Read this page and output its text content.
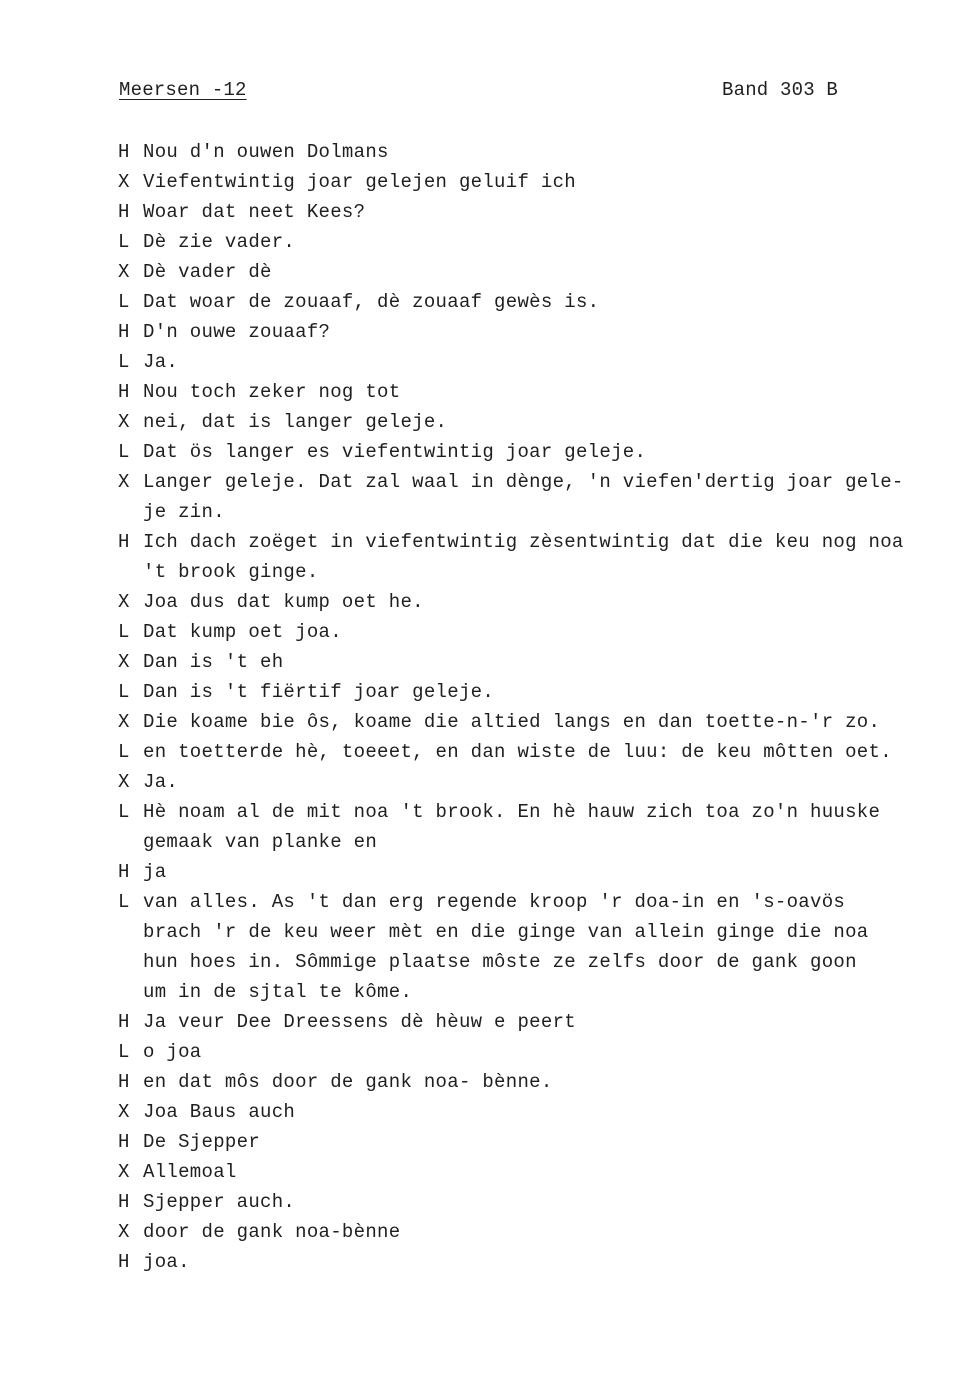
Meersen -12	Band 303 B
H Nou d'n ouwen Dolmans
X Viefentwintig joar gelejen geluif ich
H Woar dat neet Kees?
L Dè zie vader.
X Dè vader dè
L Dat woar de zouaaf, dè zouaaf gewès is.
H D'n ouwe zouaaf?
L Ja.
H Nou toch zeker nog tot
X nei, dat is langer geleje.
L Dat ös langer es viefentwintig joar geleje.
X Langer geleje. Dat zal waal in dènge, 'n viefen'dertig joar gele-
je zin.
H Ich dach zoëget in viefentwintig zèsentwintig dat die keu nog noa
't brook ginge.
X Joa dus dat kump oet he.
L Dat kump oet joa.
X Dan is 't eh
L Dan is 't fiërtif joar geleje.
X Die koame bie ôs, koame die altied langs en dan toette-n-'r zo.
L en toetterde hè, toeeet, en dan wiste de luu: de keu môtten oet.
X Ja.
L Hè noam al de mit noa 't brook. En hè hauw zich toa zo'n huuske
gemaak van planke en
H ja
L van alles. As 't dan erg regende kroop 'r doa-in en 's-oavös
brach 'r de keu weer mèt en die ginge van allein ginge die noa
hun hoes in. Sômmige plaatse môste ze zelfs door de gank goon
um in de sjtal te kôme.
H Ja veur Dee Dreessens dè hèuw e peert
L o joa
H en dat môs door de gank noa- bènne.
X Joa Baus auch
H De Sjepper
X Allemoal
H Sjepper auch.
X door de gank noa-bènne
H joa.
